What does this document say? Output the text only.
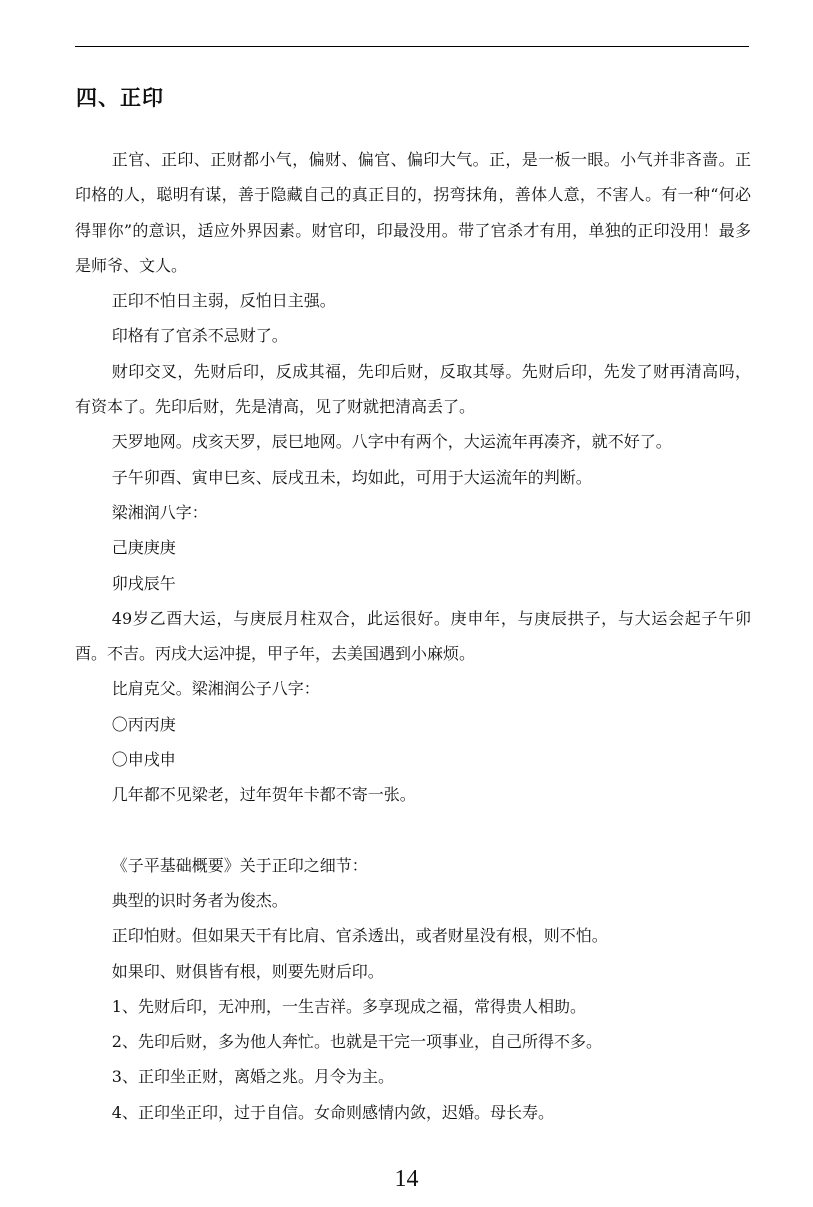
四、正印

正官、正印、正财都小气，偏财、偏官、偏印大气。正，是一板一眼。小气并非吝啬。正印格的人，聪明有谋，善于隐藏自己的真正目的，拐弯抹角，善体人意，不害人。有一种“何必得罪你”的意识，适应外界因素。财官印，印最没用。带了官杀才有用，单独的正印没用！最多是师爷、文人。

正印不怕日主弱，反怕日主强。

印格有了官杀不忌财了。

财印交叉，先财后印，反成其福，先印后财，反取其辱。先财后印，先发了财再清高吗，有资本了。先印后财，先是清高，见了财就把清高丢了。

天罗地网。戌亥天罗，辰巳地网。八字中有两个，大运流年再凑齐，就不好了。

子午卯酉、寅申巳亥、辰戌丑未，均如此，可用于大运流年的判断。

梁湘润八字：

己庚庚庚

卯戌辰午

49岁乙酉大运，与庚辰月柱双合，此运很好。庚申年，与庚辰拱子，与大运会起子午卯酉。不吉。丙戌大运冲提，甲子年，去美国遇到小麻烦。

比肩克父。梁湘润公子八字：

〇丙丙庚

〇申戌申

几年都不见梁老，过年贺年卡都不寄一张。

《子平基础概要》关于正印之细节：

典型的识时务者为俊杰。

正印怕财。但如果天干有比肩、官杀透出，或者财星没有根，则不怕。

如果印、财俱皆有根，则要先财后印。

1、先财后印，无冲刑，一生吉祥。多享现成之福，常得贵人相助。

2、先印后财，多为他人奔忙。也就是干完一项事业，自己所得不多。

3、正印坐正财，离婚之兆。月令为主。

4、正印坐正印，过于自信。女命则感情内敛，迟婚。母长寿。

14
